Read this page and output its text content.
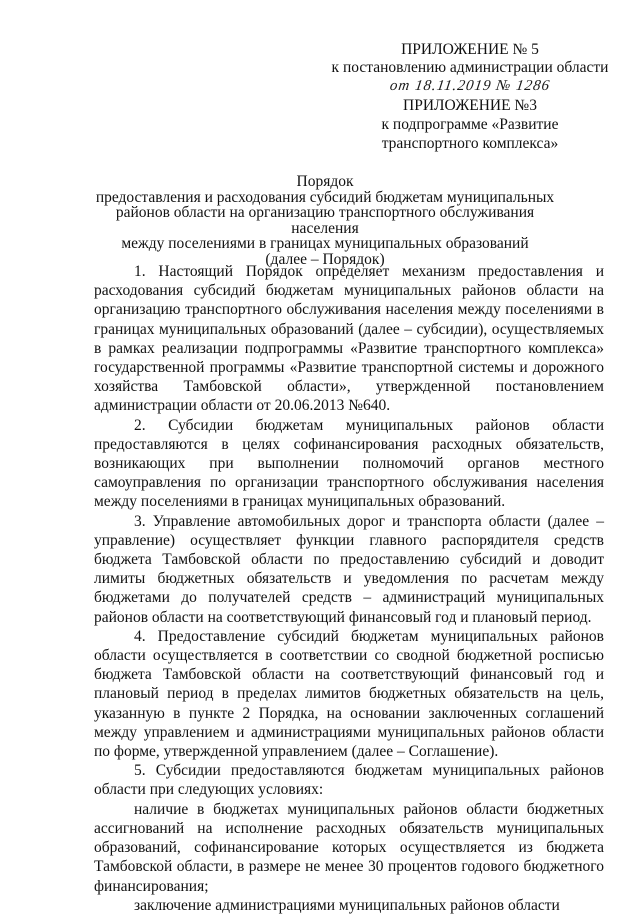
ПРИЛОЖЕНИЕ № 5
к постановлению администрации области
от 18.11.2019 № 1286
ПРИЛОЖЕНИЕ №3
к подпрограмме «Развитие транспортного комплекса»
Порядок
предоставления и расходования субсидий бюджетам муниципальных
районов области на организацию транспортного обслуживания населения
между поселениями в границах муниципальных образований
(далее – Порядок)

1. Настоящий Порядок определяет механизм предоставления и расходования субсидий бюджетам муниципальных районов области на организацию транспортного обслуживания населения между поселениями в границах муниципальных образований (далее – субсидии), осуществляемых в рамках реализации подпрограммы «Развитие транспортного комплекса» государственной программы «Развитие транспортной системы и дорожного хозяйства Тамбовской области», утвержденной постановлением администрации области от 20.06.2013 №640.

2. Субсидии бюджетам муниципальных районов области предоставляются в целях софинансирования расходных обязательств, возникающих при выполнении полномочий органов местного самоуправления по организации транспортного обслуживания населения между поселениями в границах муниципальных образований.

3. Управление автомобильных дорог и транспорта области (далее – управление) осуществляет функции главного распорядителя средств бюджета Тамбовской области по предоставлению субсидий и доводит лимиты бюджетных обязательств и уведомления по расчетам между бюджетами до получателей средств – администраций муниципальных районов области на соответствующий финансовый год и плановый период.

4. Предоставление субсидий бюджетам муниципальных районов области осуществляется в соответствии со сводной бюджетной росписью бюджета Тамбовской области на соответствующий финансовый год и плановый период в пределах лимитов бюджетных обязательств на цель, указанную в пункте 2 Порядка, на основании заключенных соглашений между управлением и администрациями муниципальных районов области по форме, утвержденной управлением (далее – Соглашение).

5. Субсидии предоставляются бюджетам муниципальных районов области при следующих условиях:

наличие в бюджетах муниципальных районов области бюджетных ассигнований на исполнение расходных обязательств муниципальных образований, софинансирование которых осуществляется из бюджета Тамбовской области, в размере не менее 30 процентов годового бюджетного финансирования;

заключение администрациями муниципальных районов области
